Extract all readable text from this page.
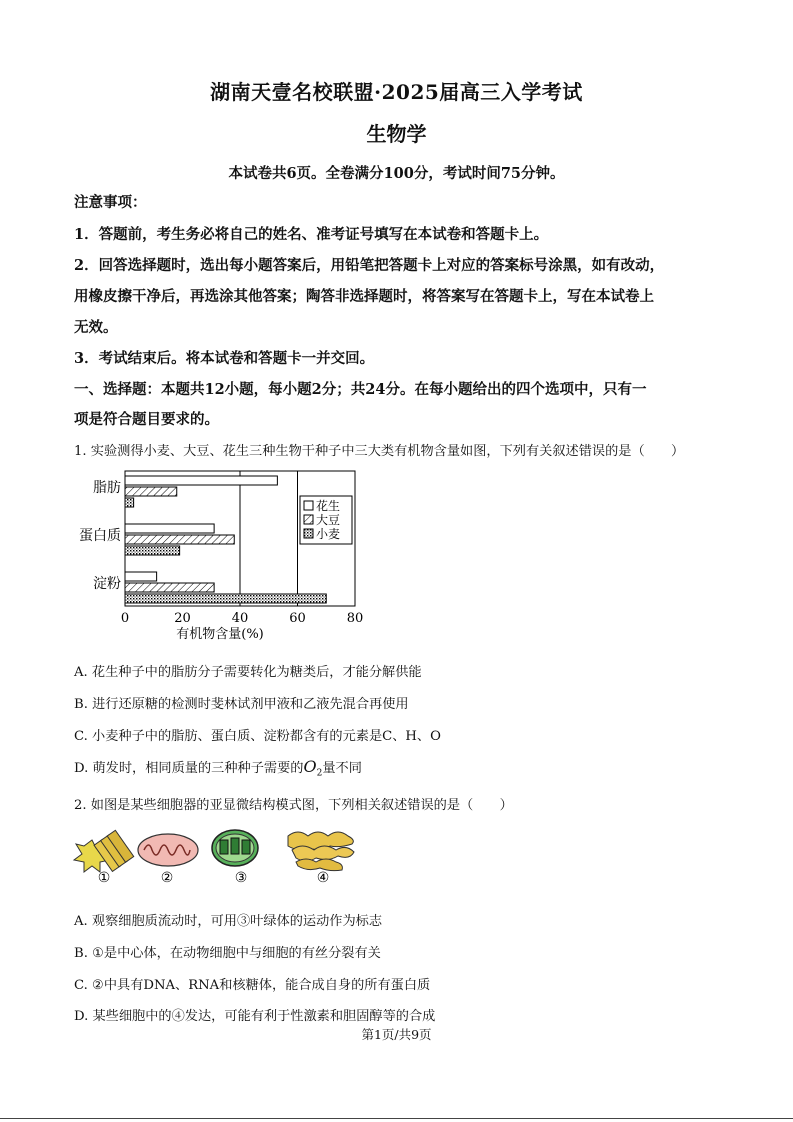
湖南天壹名校联盟·2025届高三入学考试
生物学
本试卷共6页。全卷满分100分，考试时间75分钟。
注意事项：
1．答题前，考生务必将自己的姓名、准考证号填写在本试卷和答题卡上。
2．回答选择题时，选出每小题答案后，用铅笔把答题卡上对应的答案标号涂黑，如有改动，
用橡皮擦干净后，再选涂其他答案；陶答非选择题时，将答案写在答题卡上，写在本试卷上
无效。
3．考试结束后。将本试卷和答题卡一并交回。
一、选择题：本题共12小题，每小题2分；共24分。在每小题给出的四个选项中，只有一
项是符合题目要求的。
1. 实验测得小麦、大豆、花生三种生物干种子中三大类有机物含量如图，下列有关叙述错误的是（　　）
0	20	40	60	80
有机物含量(%)
脂肪
蛋白质
淀粉
花生
大豆
小麦
A. 花生种子中的脂肪分子需要转化为糖类后，才能分解供能
B. 进行还原糖的检测时斐林试剂甲液和乙液先混合再使用
C. 小麦种子中的脂肪、蛋白质、淀粉都含有的元素是C、H、O
D. 萌发时，相同质量的三种种子需要的$O_2$量不同
2. 如图是某些细胞器的亚显微结构模式图，下列相关叙述错误的是（　　）
①	②	③	④
A. 观察细胞质流动时，可用③叶绿体的运动作为标志
B. ①是中心体，在动物细胞中与细胞的有丝分裂有关
C. ②中具有DNA、RNA和核糖体，能合成自身的所有蛋白质
D. 某些细胞中的④发达，可能有利于性激素和胆固醇等的合成
第1页/共9页
